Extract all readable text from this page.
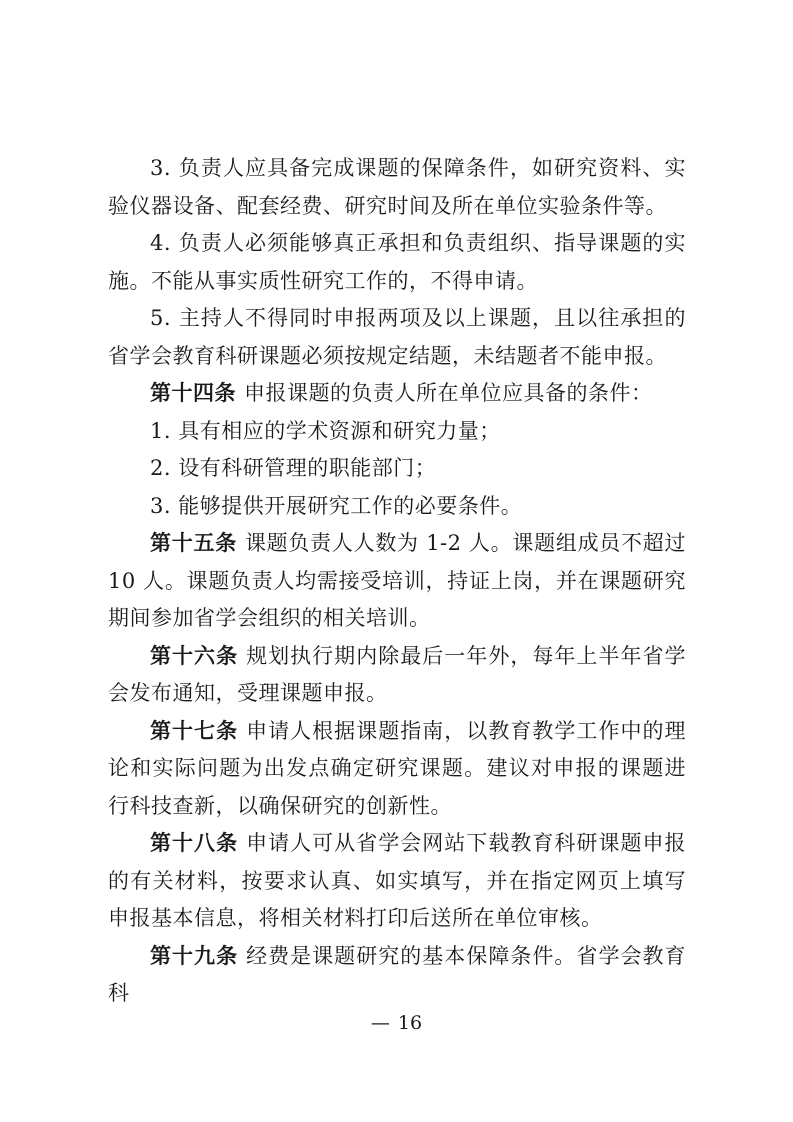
3. 负责人应具备完成课题的保障条件，如研究资料、实验仪器设备、配套经费、研究时间及所在单位实验条件等。

4. 负责人必须能够真正承担和负责组织、指导课题的实施。不能从事实质性研究工作的，不得申请。

5. 主持人不得同时申报两项及以上课题，且以往承担的省学会教育科研课题必须按规定结题，未结题者不能申报。

第十四条 申报课题的负责人所在单位应具备的条件：

1. 具有相应的学术资源和研究力量；

2. 设有科研管理的职能部门；

3. 能够提供开展研究工作的必要条件。

第十五条 课题负责人人数为 1-2 人。课题组成员不超过 10 人。课题负责人均需接受培训，持证上岗，并在课题研究期间参加省学会组织的相关培训。

第十六条 规划执行期内除最后一年外，每年上半年省学会发布通知，受理课题申报。

第十七条 申请人根据课题指南，以教育教学工作中的理论和实际问题为出发点确定研究课题。建议对申报的课题进行科技查新，以确保研究的创新性。

第十八条 申请人可从省学会网站下载教育科研课题申报的有关材料，按要求认真、如实填写，并在指定网页上填写申报基本信息，将相关材料打印后送所在单位审核。

第十九条 经费是课题研究的基本保障条件。省学会教育科

— 16
